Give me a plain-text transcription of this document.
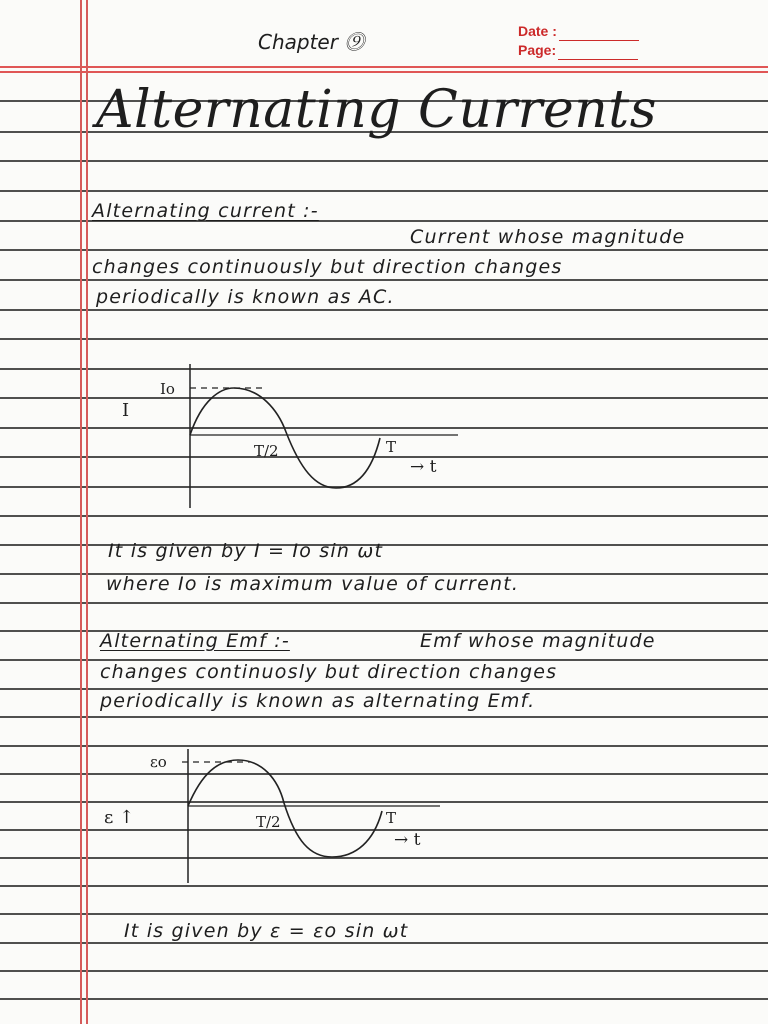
Chapter ⓽	Date :
Page:
Alternating Currents
Alternating current :-
Current whose magnitude
changes continuously but direction changes
periodically is known as AC.
Io
I
T/2	T
→ t
It is given by I = Io sin ωt
where Io is maximum value of current.
Alternating Emf :-	Emf whose magnitude
changes continuosly but direction changes
periodically is known as alternating Emf.
εo
ε ↑	T/2	T
→ t
It is given by ε = εo sin ωt
